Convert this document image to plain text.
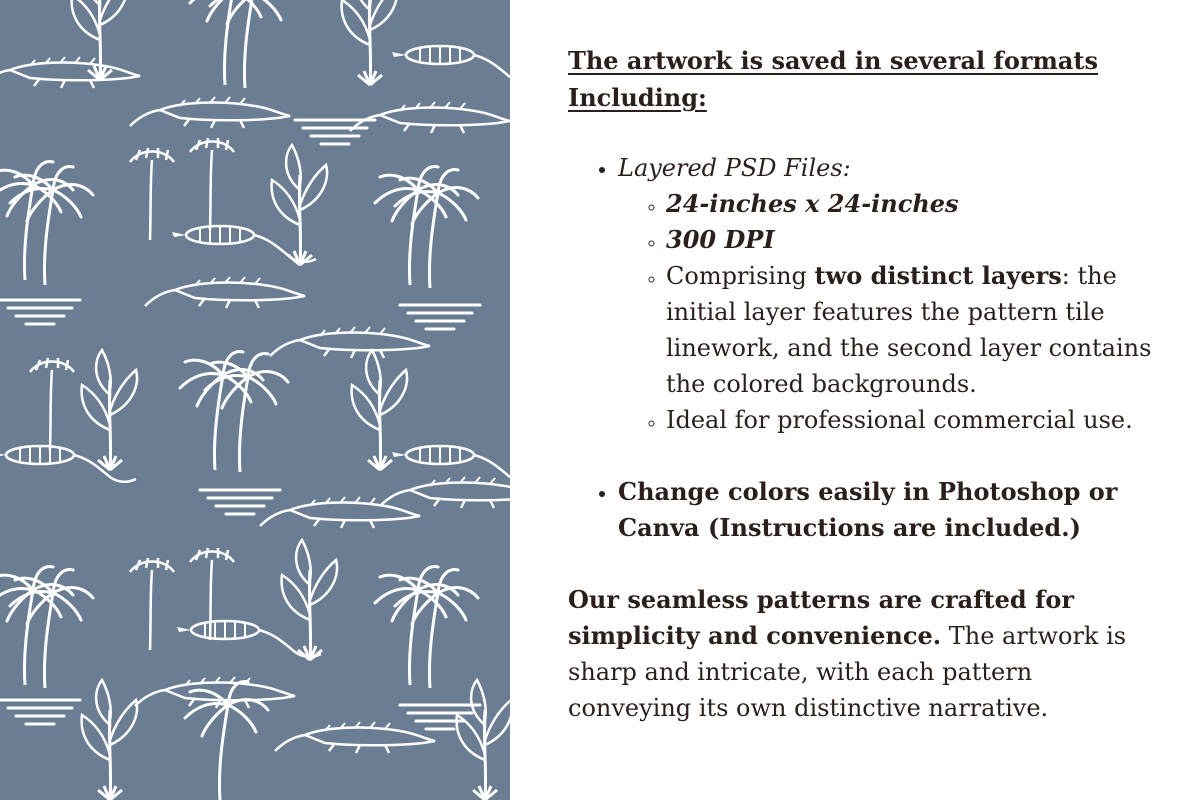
The artwork is saved in several formats
Including:
• Layered PSD Files:
◦ 24-inches x 24-inches
◦ 300 DPI
◦ Comprising two distinct layers: the initial layer features the pattern tile linework, and the second layer contains the colored backgrounds.
◦ Ideal for professional commercial use.
• Change colors easily in Photoshop or Canva (Instructions are included.)

Our seamless patterns are crafted for simplicity and convenience. The artwork is sharp and intricate, with each pattern conveying its own distinctive narrative.
